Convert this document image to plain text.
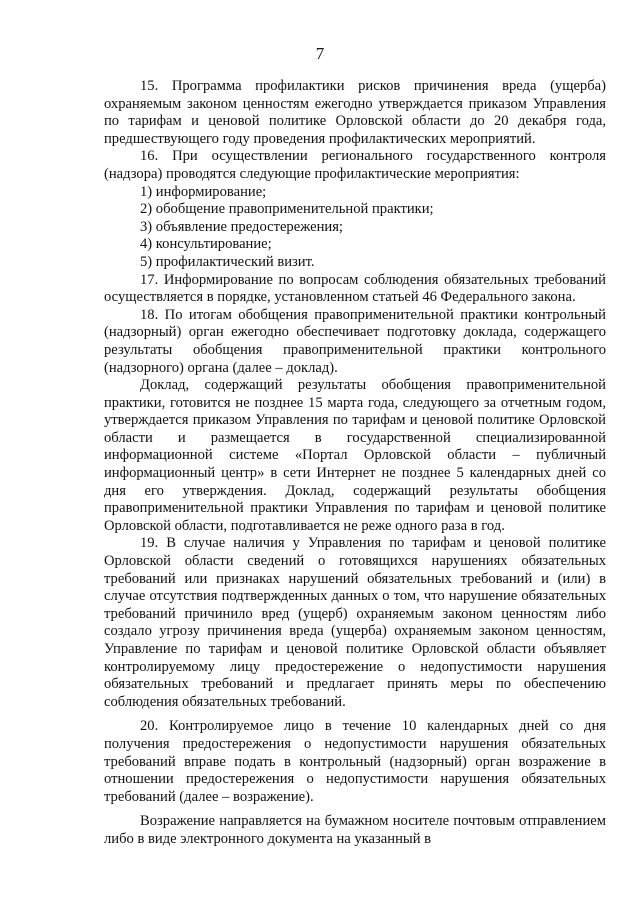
7

15. Программа профилактики рисков причинения вреда (ущерба) охраняемым законом ценностям ежегодно утверждается приказом Управления по тарифам и ценовой политике Орловской области до 20 декабря года, предшествующего году проведения профилактических мероприятий.

16. При осуществлении регионального государственного контроля (надзора) проводятся следующие профилактические мероприятия:

1) информирование;

2) обобщение правоприменительной практики;

3) объявление предостережения;

4) консультирование;

5) профилактический визит.

17. Информирование по вопросам соблюдения обязательных требований осуществляется в порядке, установленном статьей 46 Федерального закона.

18. По итогам обобщения правоприменительной практики контрольный (надзорный) орган ежегодно обеспечивает подготовку доклада, содержащего результаты обобщения правоприменительной практики контрольного (надзорного) органа (далее – доклад).

Доклад, содержащий результаты обобщения правоприменительной практики, готовится не позднее 15 марта года, следующего за отчетным годом, утверждается приказом Управления по тарифам и ценовой политике Орловской области и размещается в государственной специализированной информационной системе «Портал Орловской области – публичный информационный центр» в сети Интернет не позднее 5 календарных дней со дня его утверждения. Доклад, содержащий результаты обобщения правоприменительной практики Управления по тарифам и ценовой политике Орловской области, подготавливается не реже одного раза в год.

19. В случае наличия у Управления по тарифам и ценовой политике Орловской области сведений о готовящихся нарушениях обязательных требований или признаках нарушений обязательных требований и (или) в случае отсутствия подтвержденных данных о том, что нарушение обязательных требований причинило вред (ущерб) охраняемым законом ценностям либо создало угрозу причинения вреда (ущерба) охраняемым законом ценностям, Управление по тарифам и ценовой политике Орловской области объявляет контролируемому лицу предостережение о недопустимости нарушения обязательных требований и предлагает принять меры по обеспечению соблюдения обязательных требований.

20. Контролируемое лицо в течение 10 календарных дней со дня получения предостережения о недопустимости нарушения обязательных требований вправе подать в контрольный (надзорный) орган возражение в отношении предостережения о недопустимости нарушения обязательных требований (далее – возражение).

Возражение направляется на бумажном носителе почтовым отправлением либо в виде электронного документа на указанный в
